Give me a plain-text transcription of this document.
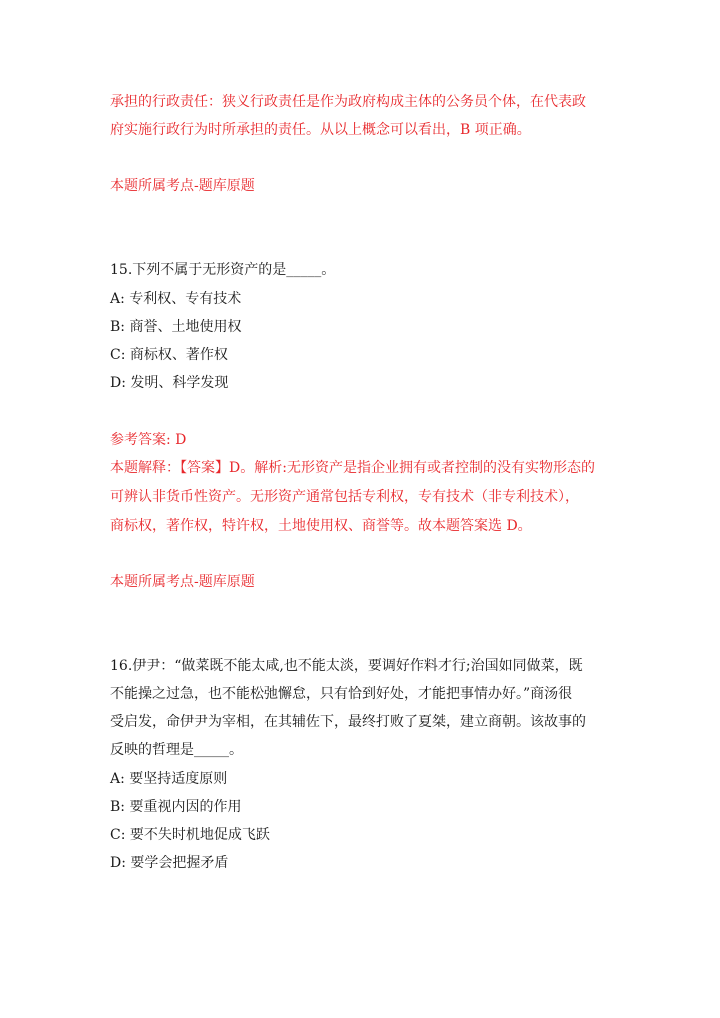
承担的行政责任：狭义行政责任是作为政府构成主体的公务员个体，在代表政
府实施行政行为时所承担的责任。从以上概念可以看出，B 项正确。
本题所属考点-题库原题
15.下列不属于无形资产的是_____。
A: 专利权、专有技术
B: 商誉、土地使用权
C: 商标权、著作权
D: 发明、科学发现
参考答案: D
本题解释：【答案】D。解析:无形资产是指企业拥有或者控制的没有实物形态的
可辨认非货币性资产。无形资产通常包括专利权，专有技术（非专利技术），
商标权，著作权，特许权，土地使用权、商誉等。故本题答案选 D。
本题所属考点-题库原题
16.伊尹：“做菜既不能太咸,也不能太淡，要调好作料才行;治国如同做菜，既
不能操之过急，也不能松弛懈怠，只有恰到好处，才能把事情办好。”商汤很
受启发，命伊尹为宰相，在其辅佐下，最终打败了夏桀，建立商朝。该故事的
反映的哲理是_____。
A: 要坚持适度原则
B: 要重视内因的作用
C: 要不失时机地促成飞跃
D: 要学会把握矛盾
